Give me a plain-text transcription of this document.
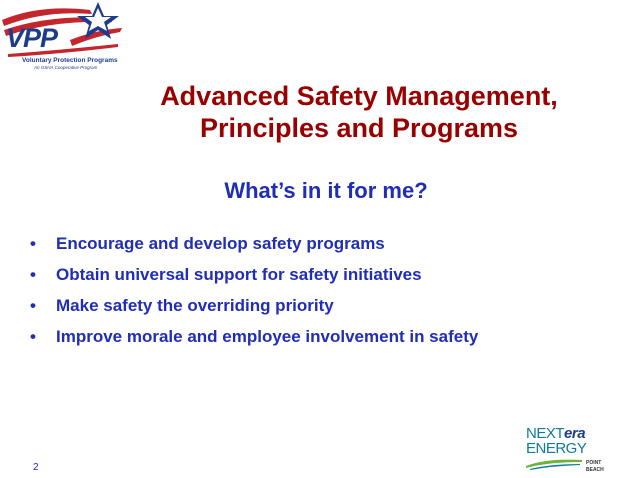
VPP
Voluntary Protection Programs
An OSHA Cooperative Program
Advanced Safety Management,
Principles and Programs
What’s in it for me?
• Encourage and develop safety programs
• Obtain universal support for safety initiatives
• Make safety the overriding priority
• Improve morale and employee involvement in safety
2
NEXTera
ENERGY
POINT
BEACH
